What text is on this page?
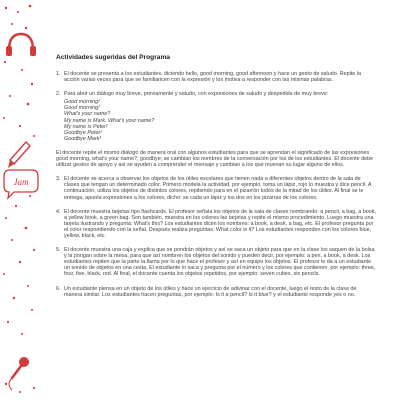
Jam
Actividades sugeridas del Programa
1. El docente se presenta a los estudiantes, diciendo hello, good morning, good afternoon y hace un gesto de saludo. Repite la acción varias veces para que se familiaricen con la expresión y los motiva a responder con las mismas palabras.
2. Para abrir un diálogo muy breve, previamente y saludo, con expresiones de saludo y despedida de muy breve:
Good morning!
Good morning!
What's your name?
My name is Mark. What's your name?
My name is Peter!
Goodbye Peter!
Goodbye Mark!
El docente repite el mismo diálogo de manera oral con algunos estudiantes para que se aprendan el significado de las expresiones good morning, what's your name?, goodbye; se cambian los nombres de la conversación por los de los estudiantes. El docente debe utilizar gestos de apoyo y así se ayuden a comprender el mensaje y cambian a los que muevan su lugar alguno de ellos.
3. El docente se acerca a observar los objetos de los útiles escolares que tienen nada a diferentes objetos dentro de la sala de clases que tengan un determinado color. Primero modela la actividad, por ejemplo: toma un lápiz, rojo lo muestra y dice pencil. A continuación, utiliza los objetos de distintos colores, repitiendo para en el pizarrón todos de la mitad de los útiles. Al final se le entrega, apunta expresiones a los colores, dicho: se cada un lápiz y los dos en los pizarras de los colores.
4. El docente muestra tarjetas tipo flashcards. El profesor señala los objetos de la sala de clases nombrando: a pencil, a bag, a book, a yellow book, a green bag. Son también, muestra en los colores las tarjetas y repite el mismo procedimiento. Luego muestra una tarjeta ilustrando y pregunta: What's this? Los estudiantes dicen los nombres: a book, a desk, a bag, etc. El profesor pregunta por el color respondiendo con la señal. Después realiza preguntas: What color is it? Los estudiantes responden con los colores blue, yellow, black, etc.
5. El docente muestra una caja y explica que se pondrán objetos y así se saca un objeto para que en la clase los saquen de la bolsa y la pongan sobre la mesa, para que así nombren los objetos del sonido y pueden decir, por ejemplo: a pen, a book, a desk. Los estudiantes repiten que la parte la llama por lo que hace el profesor y así en equipo los objetos. El profesor le da a un estudiante un sonido de objetos en una cesta. El estudiante lo saca y pregunta por el número y los colores que contienen, por ejemplo: three, four, five, black, red. Al final, el docente cuenta los objetos repetidos, por ejemplo: seven cubes, six pencils.
6. Un estudiante piensa en un objeto de los útiles y hace un ejercicio de adivinar con el docente, luego el resto de la clase de manera similar. Los estudiantes hacen preguntas, por ejemplo: Is it a pencil? Is it blue? y el estudiante responde yes o no.
